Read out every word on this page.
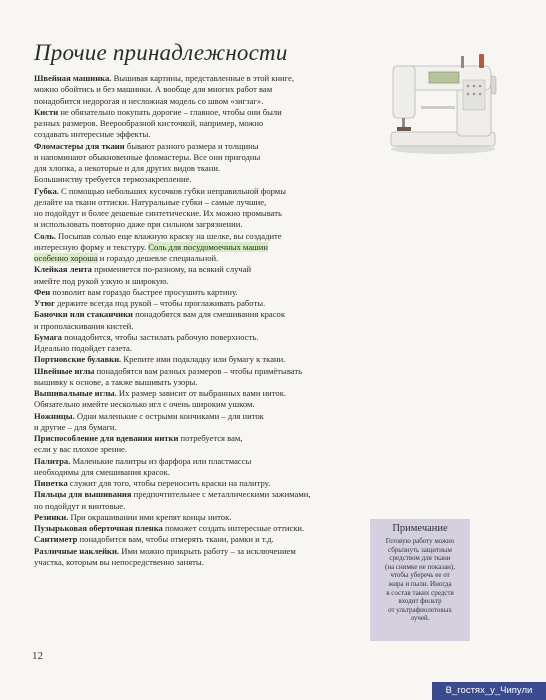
Прочие принадлежности
Швейная машинка. Вышивая картины, представленные в этой книге,
можно обойтись и без машинки. А вообще для многих работ вам
понадобится недорогая и несложная модель со швом «зигзаг».
Кисти не обязательно покупать дорогие – главное, чтобы они были
разных размеров. Веерообразной кисточкой, например, можно
создавать интересные эффекты.
Фломастеры для ткани бывают разного размера и толщины
и напоминают обыкновенные фломастеры. Все они пригодны
для хлопка, а некоторые и для других видов ткани.
Большинству требуется термозакрепление.
Губка. С помощью небольших кусочков губки неправильной формы
делайте на ткани оттиски. Натуральные губки – самые лучшие,
но подойдут и более дешевые синтетические. Их можно промывать
и использовать повторно даже при сильном загрязнении.
Соль. Посыпав солью еще влажную краску на шелке, вы создадите
интересную форму и текстуру. Соль для посудомоечных машин
особенно хороша и гораздо дешевле специальной.
Клейкая лента применяется по-разному, на всякий случай
имейте под рукой узкую и широкую.
Фен позволит вам гораздо быстрее просушить картину.
Утюг держите всегда под рукой – чтобы проглаживать работы.
Баночки или стаканчики понадобятся вам для смешивания красок
и прополаскивания кистей.
Бумага понадобится, чтобы застилать рабочую поверхность.
Идеально подойдет газета.
Портновские булавки. Крепите ими подкладку или бумагу к ткани.
Швейные иглы понадобятся вам разных размеров – чтобы примётывать
вышивку к основе, а также вышивать узоры.
Вышивальные иглы. Их размер зависит от выбранных вами ниток.
Обязательно имейте несколько игл с очень широким ушком.
Ножницы. Одни маленькие с острыми кончиками – для ниток
и другие – для бумаги.
Приспособление для вдевания нитки потребуется вам,
если у вас плохое зрение.
Палитра. Маленькие палитры из фарфора или пластмассы
необходимы для смешивания красок.
Пипетка служит для того, чтобы переносить краски на палитру.
Пяльцы для вышивания предпочтительнее с металлическими зажимами,
но подойдут и винтовые.
Резинки. При окрашивании ими крепят концы ниток.
Пузырьковая оберточная пленка поможет создать интересные оттиски.
Сантиметр понадобится вам, чтобы отмерять ткани, рамки и т.д.
Различные наклейки. Ими можно прикрыть работу – за исключением
участка, которым вы непосредственно заняты.
Примечание
Готовую работу можно
сбрызнуть защитным
средством для ткани
(на снимке не показан),
чтобы уберечь ее от
жира и пыли. Иногда
в состав таких средств
входит фильтр
от ультрафиолетовых
лучей.
12
В_гостях_у_Чипули
